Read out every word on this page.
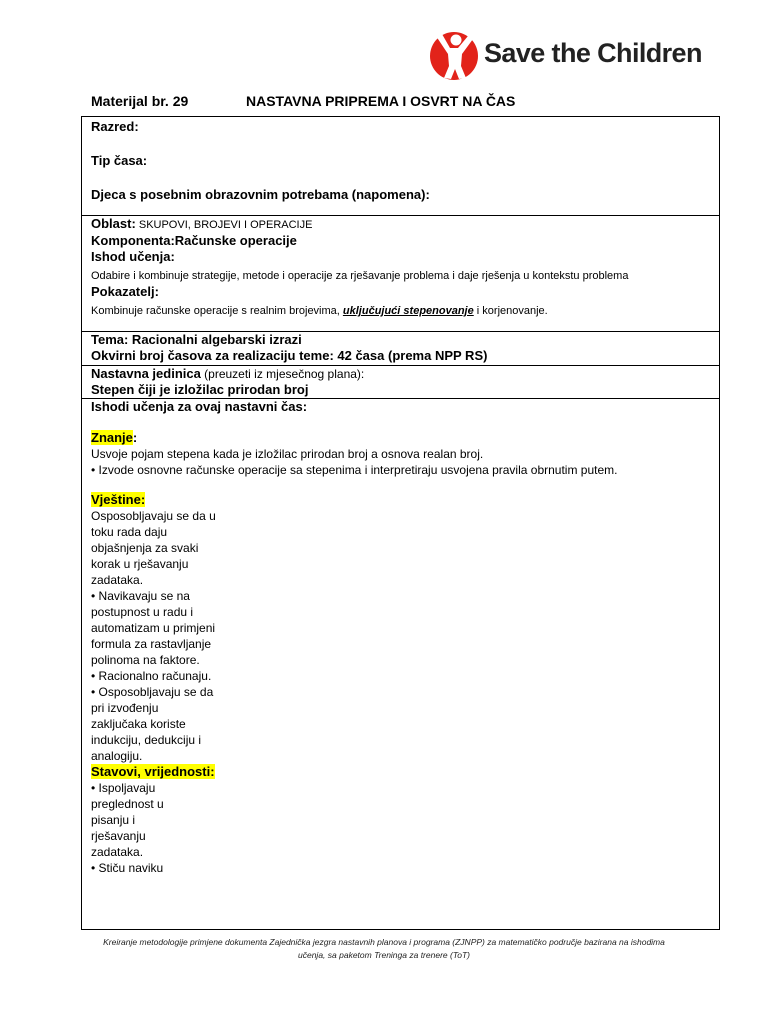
Save the Children
Materijal br. 29	NASTAVNA PRIPREMA I OSVRT NA ČAS
Razred:
Tip časa:
Djeca s posebnim obrazovnim potrebama (napomena):
Oblast: SKUPOVI, BROJEVI I OPERACIJE
Komponenta:Računske operacije
Ishod učenja:
Odabire i kombinuje strategije, metode i operacije za rješavanje problema i daje rješenja u kontekstu problema
Pokazatelj:
Kombinuje računske operacije s realnim brojevima, uključujući stepenovanje i korjenovanje.
Tema: Racionalni algebarski izrazi
Okvirni broj časova za realizaciju teme: 42 časa (prema NPP RS)
Nastavna jedinica (preuzeti iz mjesečnog plana):
Stepen čiji je izložilac prirodan broj
Ishodi učenja za ovaj nastavni čas:
Znanje:
Usvoje pojam stepena kada je izložilac prirodan broj a osnova realan broj.
• Izvode osnovne računske operacije sa stepenima i interpretiraju usvojena pravila obrnutim putem.
Vještine:
Osposobljavaju se da u toku rada daju objašnjenja za svaki korak u rješavanju zadataka.
• Navikavaju se na postupnost u radu i automatizam u primjeni formula za rastavljanje polinoma na faktore.
• Racionalno računaju.
• Osposobljavaju se da pri izvođenju zaključaka koriste indukciju, dedukciju i analogiju.
Stavovi, vrijednosti:
• Ispoljavaju preglednost u pisanju i rješavanju zadataka.
• Stiču naviku
Kreiranje metodologije primjene dokumenta Zajednička jezgra nastavnih planova i programa (ZJNPP) za matematičko područje bazirana na ishodima učenja, sa paketom Treninga za trenere (ToT)
